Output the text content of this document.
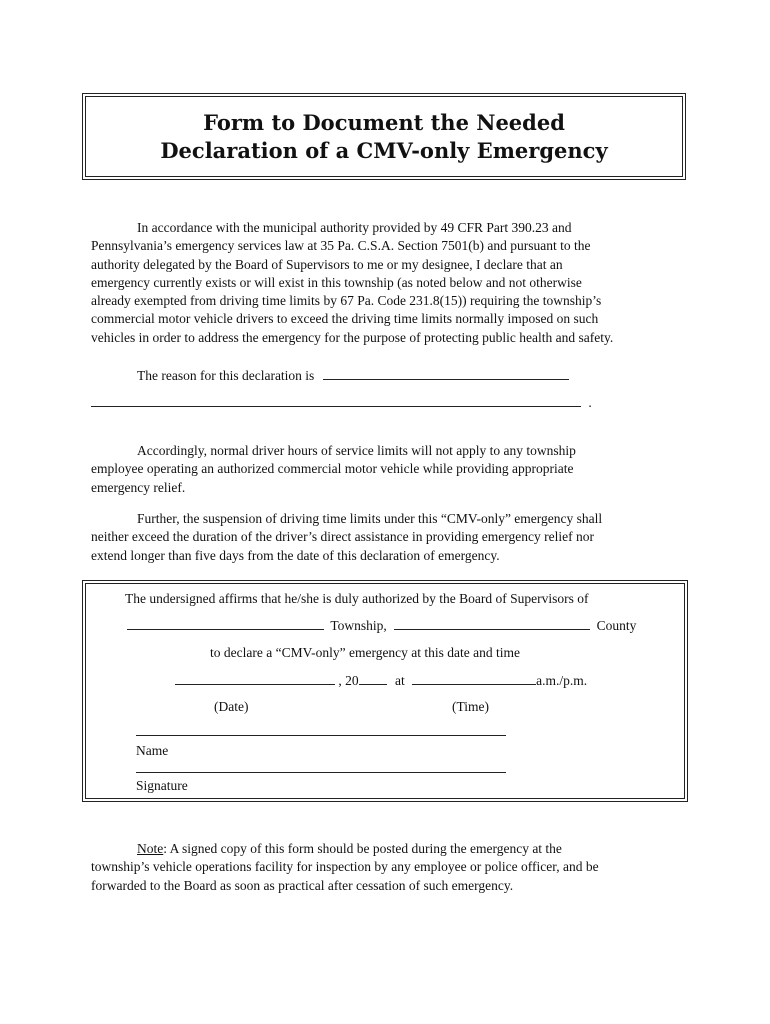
Form to Document the Needed
Declaration of a CMV-only Emergency
In accordance with the municipal authority provided by 49 CFR Part 390.23 and
Pennsylvania’s emergency services law at 35 Pa. C.S.A. Section 7501(b) and pursuant to the
authority delegated by the Board of Supervisors to me or my designee, I declare that an
emergency currently exists or will exist in this township (as noted below and not otherwise
already exempted from driving time limits by 67 Pa. Code 231.8(15)) requiring the township’s
commercial motor vehicle drivers to exceed the driving time limits normally imposed on such
vehicles in order to address the emergency for the purpose of protecting public health and safety.
The reason for this declaration is
.
Accordingly, normal driver hours of service limits will not apply to any township
employee operating an authorized commercial motor vehicle while providing appropriate
emergency relief.
Further, the suspension of driving time limits under this “CMV-only” emergency shall
neither exceed the duration of the driver’s direct assistance in providing emergency relief nor
extend longer than five days from the date of this declaration of emergency.
The undersigned affirms that he/she is duly authorized by the Board of Supervisors of
Township,	County
to declare a “CMV-only” emergency at this date and time
, 20	at	a.m./p.m.
(Date)	(Time)
Name
Signature
Note: A signed copy of this form should be posted during the emergency at the
township’s vehicle operations facility for inspection by any employee or police officer, and be
forwarded to the Board as soon as practical after cessation of such emergency.
